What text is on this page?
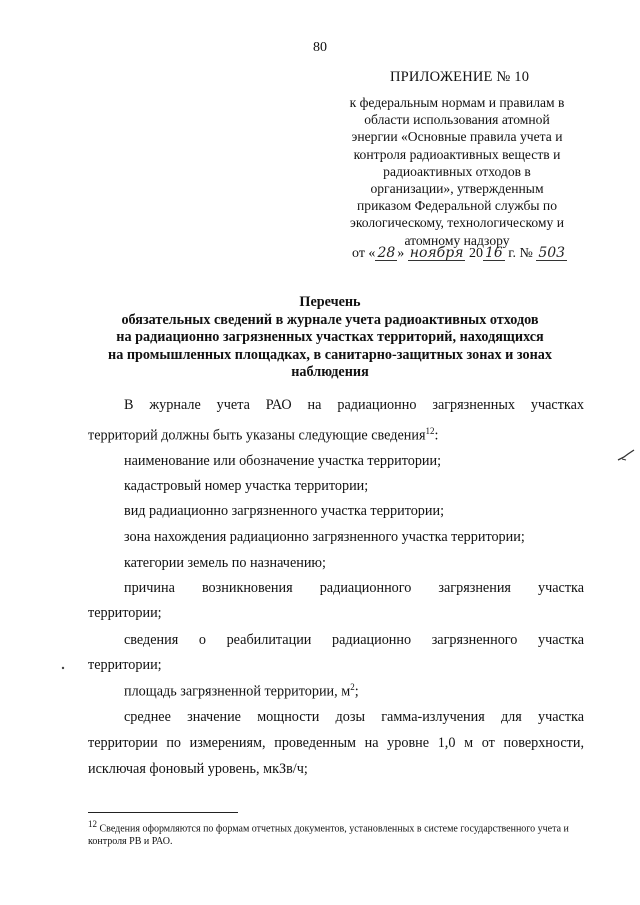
80
ПРИЛОЖЕНИЕ № 10
к федеральным нормам и правилам в
области использования атомной
энергии «Основные правила учета и
контроля радиоактивных веществ и
радиоактивных отходов в
организации», утвержденным
приказом Федеральной службы по
экологическому, технологическому и
атомному надзору
от « 28 » ноября 20 16 г. № 503
Перечень
обязательных сведений в журнале учета радиоактивных отходов
на радиационно загрязненных участках территорий, находящихся
на промышленных площадках, в санитарно-защитных зонах и зонах
наблюдения
В журнале учета РАО на радиационно загрязненных участках
территорий должны быть указаны следующие сведения$^{12}$:
наименование или обозначение участка территории;
кадастровый номер участка территории;
вид радиационно загрязненного участка территории;
зона нахождения радиационно загрязненного участка территории;
категории земель по назначению;
причина возникновения радиационного загрязнения участка
территории;
сведения о реабилитации радиационно загрязненного участка
территории;
площадь загрязненной территории, $м^2$;
среднее значение мощности дозы гамма-излучения для участка
территории по измерениям, проведенным на уровне 1,0 м от поверхности,
исключая фоновый уровень, мкЗв/ч;
$^{12}$ Сведения оформляются по формам отчетных документов, установленных в системе государственного учета и контроля РВ и РАО.
